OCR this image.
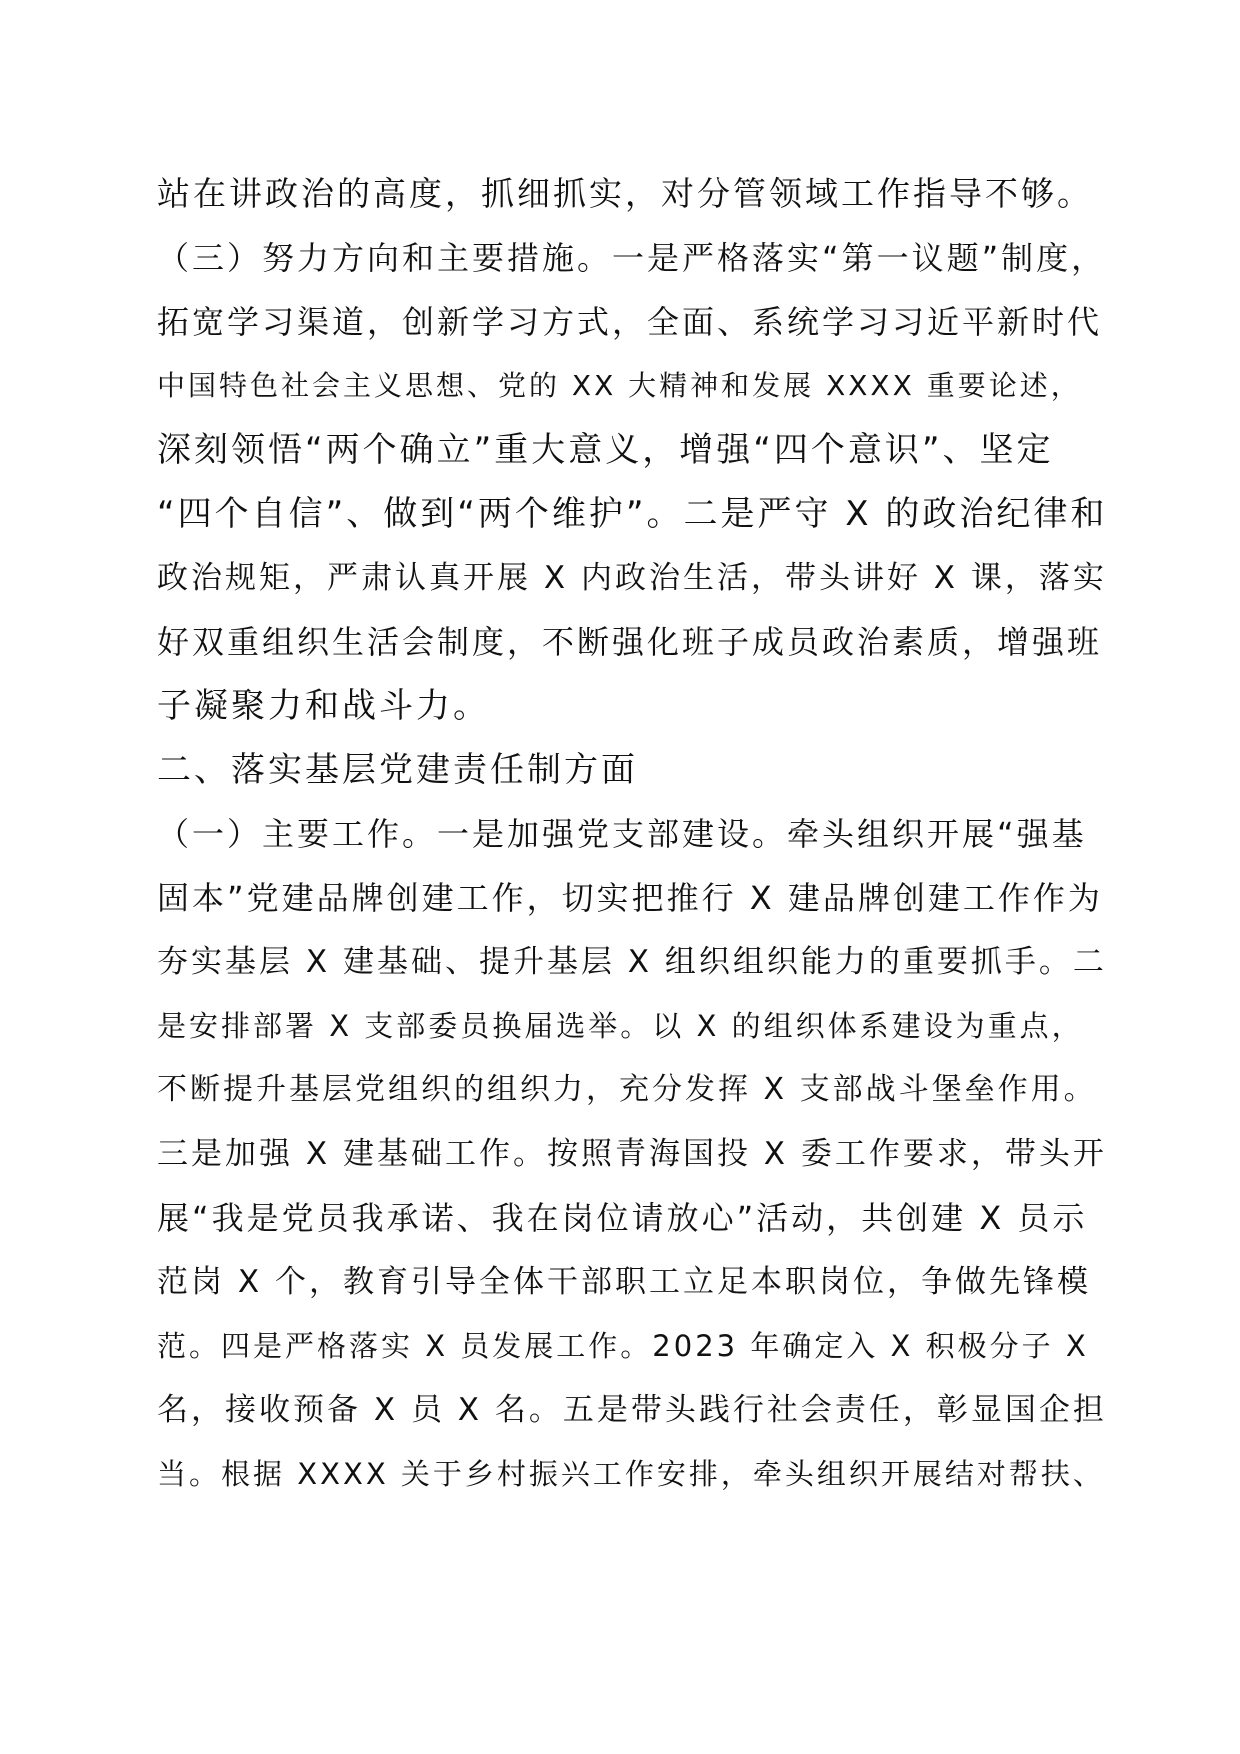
站在讲政治的高度，抓细抓实，对分管领域工作指导不够。
（三）努力方向和主要措施。一是严格落实“第一议题”制度，
拓宽学习渠道，创新学习方式，全面、系统学习习近平新时代
中国特色社会主义思想、党的 XX 大精神和发展 XXXX 重要论述，
深刻领悟“两个确立”重大意义，增强“四个意识”、坚定
“四个自信”、做到“两个维护”。二是严守 X 的政治纪律和
政治规矩，严肃认真开展 X 内政治生活，带头讲好 X 课，落实
好双重组织生活会制度，不断强化班子成员政治素质，增强班
子凝聚力和战斗力。
二、落实基层党建责任制方面
（一）主要工作。一是加强党支部建设。牵头组织开展“强基
固本”党建品牌创建工作，切实把推行 X 建品牌创建工作作为
夯实基层 X 建基础、提升基层 X 组织组织能力的重要抓手。二
是安排部署 X 支部委员换届选举。以 X 的组织体系建设为重点，
不断提升基层党组织的组织力，充分发挥 X 支部战斗堡垒作用。
三是加强 X 建基础工作。按照青海国投 X 委工作要求，带头开
展“我是党员我承诺、我在岗位请放心”活动，共创建 X 员示
范岗 X 个，教育引导全体干部职工立足本职岗位，争做先锋模
范。四是严格落实 X 员发展工作。2023 年确定入 X 积极分子 X
名，接收预备 X 员 X 名。五是带头践行社会责任，彰显国企担
当。根据 XXXX 关于乡村振兴工作安排，牵头组织开展结对帮扶、
